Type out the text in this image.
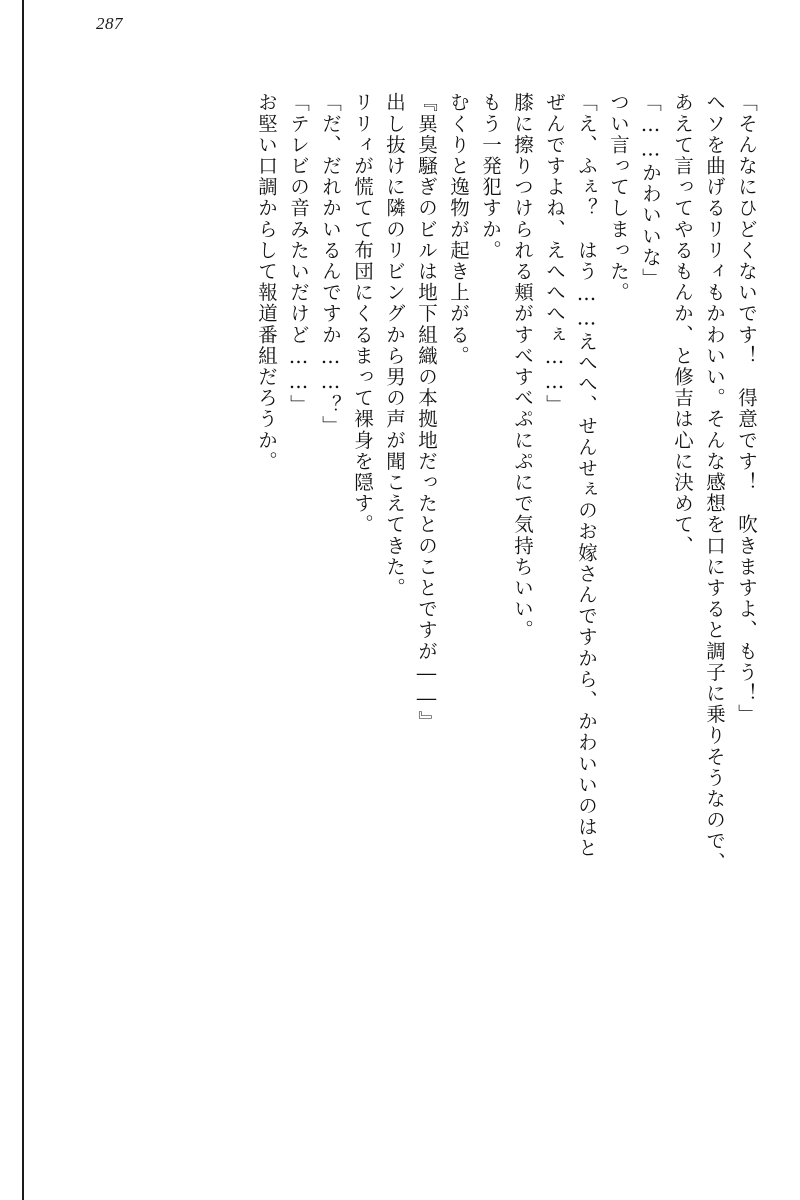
287
「そんなにひどくないです！　得意です！　吹きますよ、もう！」
ヘソを曲げるリリィもかわいい。そんな感想を口にすると調子に乗りそうなので、
あえて言ってやるもんか、と修吉は心に決めて、
「……かわいいな」
つい言ってしまった。
「え、ふぇ？　はう……えへへ、せんせぇのお嫁さんですから、かわいいのはと
ぜんですよね、えへへへぇ……」
膝に擦りつけられる頬がすべすべぷにぷにで気持ちいい。
もう一発犯すか。
むくりと逸物が起き上がる。
『異臭騒ぎのビルは地下組織の本拠地だったとのことですが――』
出し抜けに隣のリビングから男の声が聞こえてきた。
リリィが慌てて布団にくるまって裸身を隠す。
「だ、だれかいるんですか……？」
「テレビの音みたいだけど……」
お堅い口調からして報道番組だろうか。
